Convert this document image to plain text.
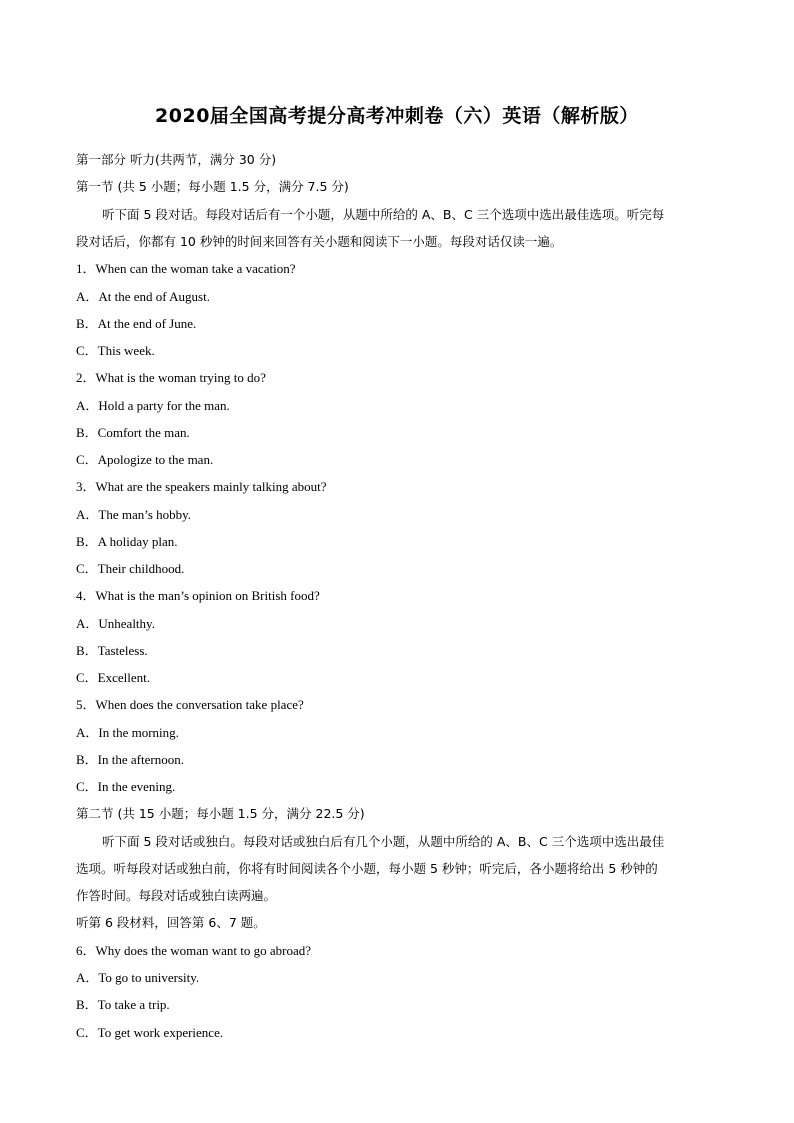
2020届全国高考提分高考冲刺卷（六）英语（解析版）
第一部分 听力(共两节，满分 30 分)
第一节 (共 5 小题；每小题 1.5 分，满分 7.5 分)
听下面 5 段对话。每段对话后有一个小题，从题中所给的 A、B、C 三个选项中选出最佳选项。听完每
段对话后，你都有 10 秒钟的时间来回答有关小题和阅读下一小题。每段对话仅读一遍。
1．When can the woman take a vacation?
A．At the end of August.
B．At the end of June.
C．This week.
2．What is the woman trying to do?
A．Hold a party for the man.
B．Comfort the man.
C．Apologize to the man.
3．What are the speakers mainly talking about?
A．The man’s hobby.
B．A holiday plan.
C．Their childhood.
4．What is the man’s opinion on British food?
A．Unhealthy.
B．Tasteless.
C．Excellent.
5．When does the conversation take place?
A．In the morning.
B．In the afternoon.
C．In the evening.
第二节 (共 15 小题；每小题 1.5 分，满分 22.5 分)
听下面 5 段对话或独白。每段对话或独白后有几个小题，从题中所给的 A、B、C 三个选项中选出最佳
选项。听每段对话或独白前，你将有时间阅读各个小题，每小题 5 秒钟；听完后，各小题将给出 5 秒钟的
作答时间。每段对话或独白读两遍。
听第 6 段材料，回答第 6、7 题。
6．Why does the woman want to go abroad?
A．To go to university.
B．To take a trip.
C．To get work experience.
